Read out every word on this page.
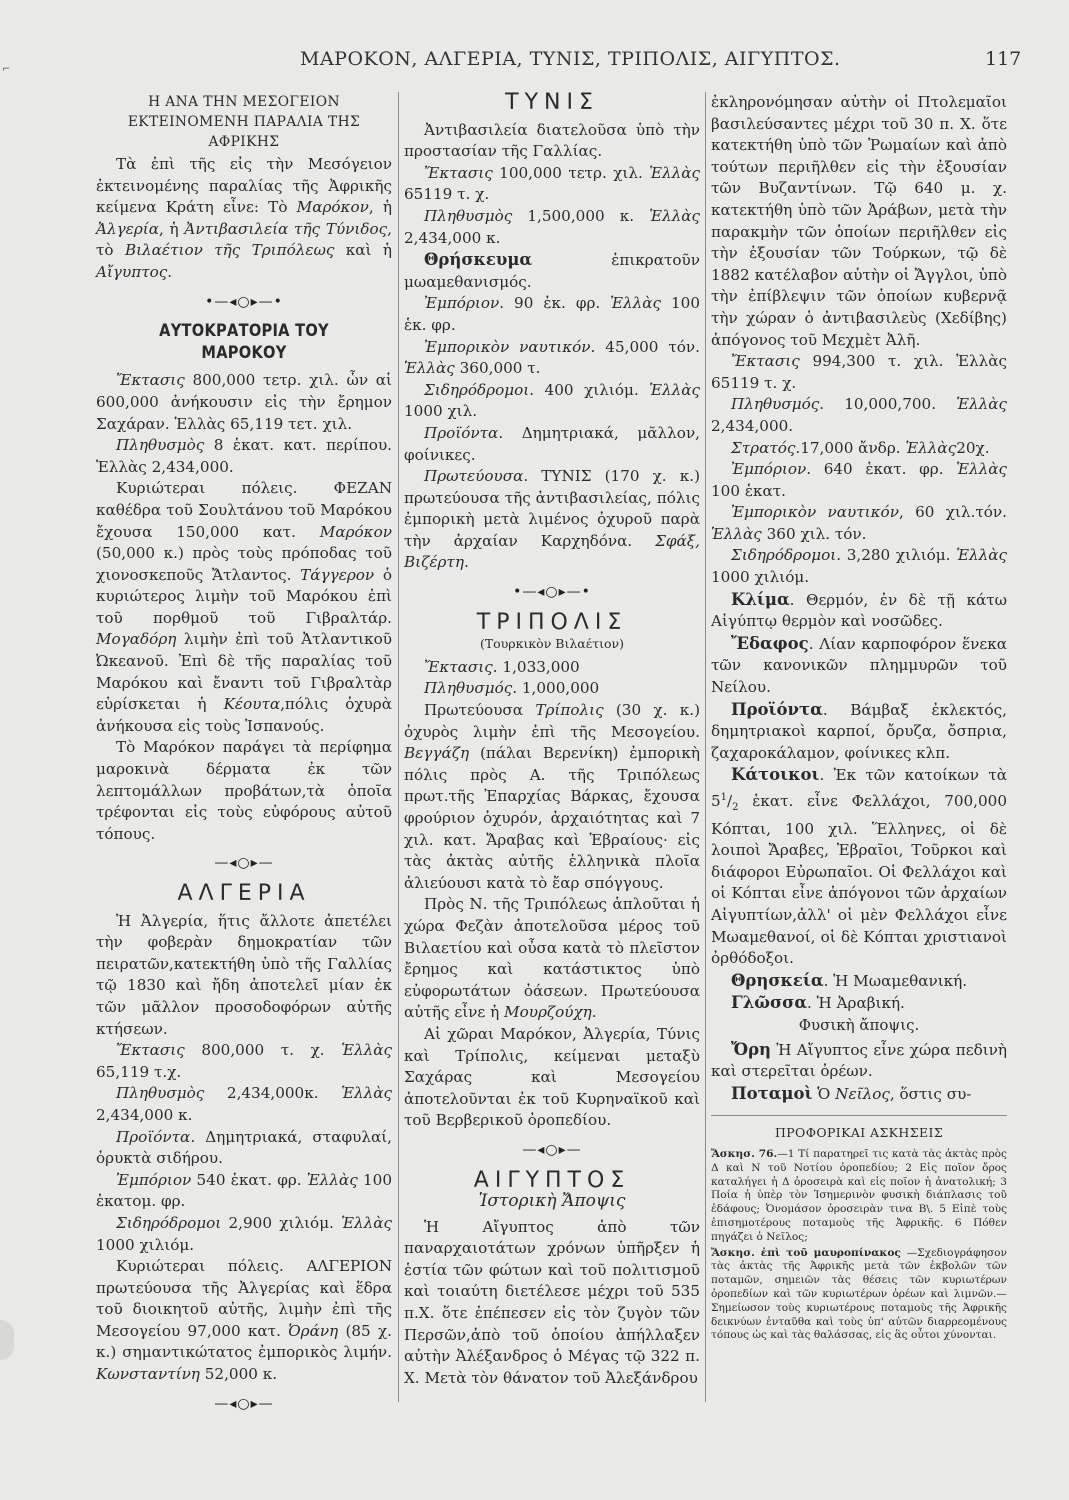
⌐	ΜΑΡΟΚΟΝ, ΑΛΓΕΡΙΑ, ΤΥΝΙΣ, ΤΡΙΠΟΛΙΣ, ΑΙΓΥΠΤΟΣ.	117
Η ΑΝΑ ΤΗΝ ΜΕΣΟΓΕΙΟΝ ΕΚΤΕΙΝΟΜΕΝΗ ΠΑΡΑΛΙΑ ΤΗΣ ΑΦΡΙΚΗΣ

Τὰ ἐπὶ τῆς εἰς τὴν Μεσόγειον ἐκτεινομένης παραλίας τῆς Ἀφρικῆς κείμενα Κράτη εἶνε: Τὸ Μαρόκον, ἡ Ἀλγερία, ἡ Ἀντιβασιλεία τῆς Τύνιδος, τὸ Βιλαέτιον τῆς Τριπόλεως καὶ ἡ Αἴγυπτος.

•—◂○▸—•
ΑΥΤΟΚΡΑΤΟΡΙΑ ΤΟΥ ΜΑΡΟΚΟΥ

Ἔκτασις 800,000 τετρ. χιλ. ὧν αἱ 600,000 ἀνήκουσιν εἰς τὴν ἔρημον Σαχάραν. Ἑλλὰς 65,119 τετ. χιλ.

Πληθυσμὸς 8 ἑκατ. κατ. περίπου. Ἑλλὰς 2,434,000.

Κυριώτεραι πόλεις. ΦΕΖΑΝ καθέδρα τοῦ Σουλτάνου τοῦ Μαρόκου ἔχουσα 150,000 κατ. Μαρόκον (50,000 κ.) πρὸς τοὺς πρόποδας τοῦ χιονοσκεποῦς Ἄτλαντος. Τάγγερον ὁ κυριώτερος λιμὴν τοῦ Μαρόκου ἐπὶ τοῦ πορθμοῦ τοῦ Γιβραλτάρ. Μογαδόρη λιμὴν ἐπὶ τοῦ Ἀτλαντικοῦ Ὠκεανοῦ. Ἐπὶ δὲ τῆς παραλίας τοῦ Μαρόκου καὶ ἔναντι τοῦ Γιβραλτὰρ εὑρίσκεται ἡ Κέουτα,πόλις ὀχυρὰ ἀνήκουσα εἰς τοὺς Ἱσπανούς.

Τὸ Μαρόκον παράγει τὰ περίφημα μαροκινὰ δέρματα ἐκ τῶν λεπτομάλλων προβάτων,τὰ ὁποῖα τρέφονται εἰς τοὺς εὐφόρους αὐτοῦ τόπους.

—◂○▸—
ΑΛΓΕΡΙΑ

Ἡ Ἀλγερία, ἥτις ἄλλοτε ἀπετέλει τὴν φοβερὰν δημοκρατίαν τῶν πειρατῶν,κατεκτήθη ὑπὸ τῆς Γαλλίας τῷ 1830 καὶ ἤδη ἀποτελεῖ μίαν ἐκ τῶν μᾶλλον προσοδοφόρων αὐτῆς κτήσεων.

Ἔκτασις 800,000 τ. χ. Ἑλλὰς 65,119 τ.χ.

Πληθυσμὸς 2,434,000κ. Ἑλλὰς 2,434,000 κ.

Προϊόντα. Δημητριακά, σταφυλαί, ὀρυκτὰ σιδήρου.

Ἐμπόριον 540 ἑκατ. φρ. Ἑλλὰς 100 ἑκατομ. φρ.

Σιδηρόδρομοι 2,900 χιλιόμ. Ἑλλὰς 1000 χιλιόμ.

Κυριώτεραι πόλεις. ΑΛΓΕΡΙΟΝ πρωτεύουσα τῆς Ἀλγερίας καὶ ἕδρα τοῦ διοικητοῦ αὐτῆς, λιμὴν ἐπὶ τῆς Μεσογείου 97,000 κατ. Ὀράνη (85 χ. κ.) σημαντικώτατος ἐμπορικὸς λιμήν. Κωνσταντίνη 52,000 κ.

—◂○▸—
ΤΥΝΙΣ

Ἀντιβασιλεία διατελοῦσα ὑπὸ τὴν προστασίαν τῆς Γαλλίας.

Ἔκτασις 100,000 τετρ. χιλ. Ἑλλὰς 65119 τ. χ.

Πληθυσμὸς 1,500,000 κ. Ἑλλὰς 2,434,000 κ.

Θρήσκευμα ἐπικρατοῦν μωαμεθανισμός.

Ἐμπόριον. 90 ἑκ. φρ. Ἑλλὰς 100 ἑκ. φρ.

Ἐμπορικὸν ναυτικόν. 45,000 τόν. Ἑλλὰς 360,000 τ.

Σιδηρόδρομοι. 400 χιλιόμ. Ἑλλὰς 1000 χιλ.

Προϊόντα. Δημητριακά, μᾶλλον, φοίνικες.

Πρωτεύουσα. ΤΥΝΙΣ (170 χ. κ.) πρωτεύουσα τῆς ἀντιβασιλείας, πόλις ἐμπορικὴ μετὰ λιμένος ὀχυροῦ παρὰ τὴν ἀρχαίαν Καρχηδόνα. Σφάξ, Βιζέρτη.

•—◂○▸—•
ΤΡΙΠΟΛΙΣ
(Τουρκικὸν Βιλαέτιον)

Ἔκτασις. 1,033,000

Πληθυσμός. 1,000,000

Πρωτεύουσα Τρίπολις (30 χ. κ.) ὀχυρὸς λιμὴν ἐπὶ τῆς Μεσογείου. Βεγγάζη (πάλαι Βερενίκη) ἐμπορικὴ πόλις πρὸς Α. τῆς Τριπόλεως πρωτ.τῆς Ἐπαρχίας Βάρκας, ἔχουσα φρούριον ὀχυρόν, ἀρχαιότητας καὶ 7 χιλ. κατ. Ἄραβας καὶ Ἑβραίους· εἰς τὰς ἀκτὰς αὐτῆς ἑλληνικὰ πλοῖα ἁλιεύουσι κατὰ τὸ ἔαρ σπόγγους.

Πρὸς Ν. τῆς Τριπόλεως ἁπλοῦται ἡ χώρα Φεζὰν ἀποτελοῦσα μέρος τοῦ Βιλαετίου καὶ οὖσα κατὰ τὸ πλεῖστον ἔρημος καὶ κατάστικτος ὑπὸ εὐφορωτάτων ὀάσεων. Πρωτεύουσα αὐτῆς εἶνε ἡ Μουρζούχη.

Αἱ χῶραι Μαρόκον, Ἀλγερία, Τύνις καὶ Τρίπολις, κείμεναι μεταξὺ Σαχάρας καὶ Μεσογείου ἀποτελοῦνται ἐκ τοῦ Κυρηναϊκοῦ καὶ τοῦ Βερβερικοῦ ὀροπεδίου.

—◂○▸—
ΑΙΓΥΠΤΟΣ
Ἱστορικὴ Ἄποψις

Ἡ Αἴγυπτος ἀπὸ τῶν παναρχαιοτάτων χρόνων ὑπῆρξεν ἡ ἑστία τῶν φώτων καὶ τοῦ πολιτισμοῦ καὶ τοιαύτη διετέλεσε μέχρι τοῦ 535 π.Χ. ὅτε ἐπέπεσεν εἰς τὸν ζυγὸν τῶν Περσῶν,ἀπὸ τοῦ ὁποίου ἀπήλλαξεν αὐτὴν Ἀλέξανδρος ὁ Μέγας τῷ 322 π. Χ. Μετὰ τὸν θάνατον τοῦ Ἀλεξάνδρου

ἐκληρονόμησαν αὐτὴν οἱ Πτολεμαῖοι βασιλεύσαντες μέχρι τοῦ 30 π. Χ. ὅτε κατεκτήθη ὑπὸ τῶν Ῥωμαίων καὶ ἀπὸ τούτων περιῆλθεν εἰς τὴν ἐξουσίαν τῶν Βυζαντίνων. Τῷ 640 μ. χ. κατεκτήθη ὑπὸ τῶν Ἀράβων, μετὰ τὴν παρακμὴν τῶν ὁποίων περιῆλθεν εἰς τὴν ἐξουσίαν τῶν Τούρκων, τῷ δὲ 1882 κατέλαβον αὐτὴν οἱ Ἄγγλοι, ὑπὸ τὴν ἐπίβλεψιν τῶν ὁποίων κυβερνᾷ τὴν χώραν ὁ ἀντιβασιλεὺς (Χεδίβης) ἀπόγονος τοῦ Μεχμὲτ Ἀλῆ.

Ἔκτασις 994,300 τ. χιλ. Ἑλλὰς 65119 τ. χ.

Πληθυσμός. 10,000,700. Ἑλλὰς 2,434,000.

Στρατός.17,000 ἄνδρ. Ἑλλὰς20χ.

Ἐμπόριον. 640 ἑκατ. φρ. Ἑλλὰς 100 ἑκατ.

Ἐμπορικὸν ναυτικόν, 60 χιλ.τόν. Ἑλλὰς 360 χιλ. τόν.

Σιδηρόδρομοι. 3,280 χιλιόμ. Ἑλλὰς 1000 χιλιόμ.

Κλίμα. Θερμόν, ἐν δὲ τῇ κάτω Αἰγύπτῳ θερμὸν καὶ νοσῶδες.

Ἔδαφος. Λίαν καρποφόρον ἕνεκα τῶν κανονικῶν πλημμυρῶν τοῦ Νείλου.

Προϊόντα. Βάμβαξ ἐκλεκτός, δημητριακοὶ καρποί, ὄρυζα, ὄσπρια, ζαχαροκάλαμον, φοίνικες κλπ.

Κάτοικοι. Ἐκ τῶν κατοίκων τὰ $5^1/_2$ ἑκατ. εἶνε Φελλάχοι, 700,000 Κόπται, 100 χιλ. Ἕλληνες, οἱ δὲ λοιποὶ Ἄραβες, Ἑβραῖοι, Τοῦρκοι καὶ διάφοροι Εὐρωπαῖοι. Οἱ Φελλάχοι καὶ οἱ Κόπται εἶνε ἀπόγονοι τῶν ἀρχαίων Αἰγυπτίων,ἀλλ' οἱ μὲν Φελλάχοι εἶνε Μωαμεθανοί, οἱ δὲ Κόπται χριστιανοὶ ὀρθόδοξοι.

Θρησκεία. Ἡ Μωαμεθανική.

Γλῶσσα. Ἡ Ἀραβική.

Φυσικὴ ἄποψις.

Ὄρη Ἡ Αἴγυπτος εἶνε χώρα πεδινὴ καὶ στερεῖται ὀρέων.

Ποταμοὶ Ὁ Νεῖλος, ὅστις συ-

ΠΡΟΦΟΡΙΚΑΙ ΑΣΚΗΣΕΙΣ

Ἄσκησ. 76.—1 Τί παρατηρεῖ τις κατὰ τὰς ἀκτὰς πρὸς Δ καὶ Ν τοῦ Νοτίου ὀροπεδίου; 2 Εἰς ποῖον ὄρος καταλήγει ἡ Δ ὀροσειρὰ καὶ εἰς ποῖον ἡ ἀνατολική; 3 Ποία ἡ ὑπὲρ τὸν Ἰσημερινὸν φυσικὴ διάπλασις τοῦ ἐδάφους; Ὀνομάσον ὀροσειρὰν τινα Β\. 5 Εἰπὲ τοὺς ἐπισημοτέρους ποταμοὺς τῆς Ἀφρικῆς. 6 Πόθεν πηγάζει ὁ Νεῖλος;

Ἄσκησ. ἐπὶ τοῦ μαυροπίνακος —Σχεδιογράφησον τὰς ἀκτὰς τῆς Ἀφρικῆς μετὰ τῶν ἐκβολῶν τῶν ποταμῶν, σημειῶν τὰς θέσεις τῶν κυριωτέρων ὀροπεδίων καὶ τῶν κυριωτέρων ὀρέων καὶ λιμνῶν.— Σημείωσον τοὺς κυριωτέρους ποταμοὺς τῆς Ἀφρικῆς δεικνύων ἐνταῦθα καὶ τοὺς ὑπ' αὐτῶν διαρρεομένους τόπους ὡς καὶ τὰς θαλάσσας, εἰς ἃς οὗτοι χύνονται.
